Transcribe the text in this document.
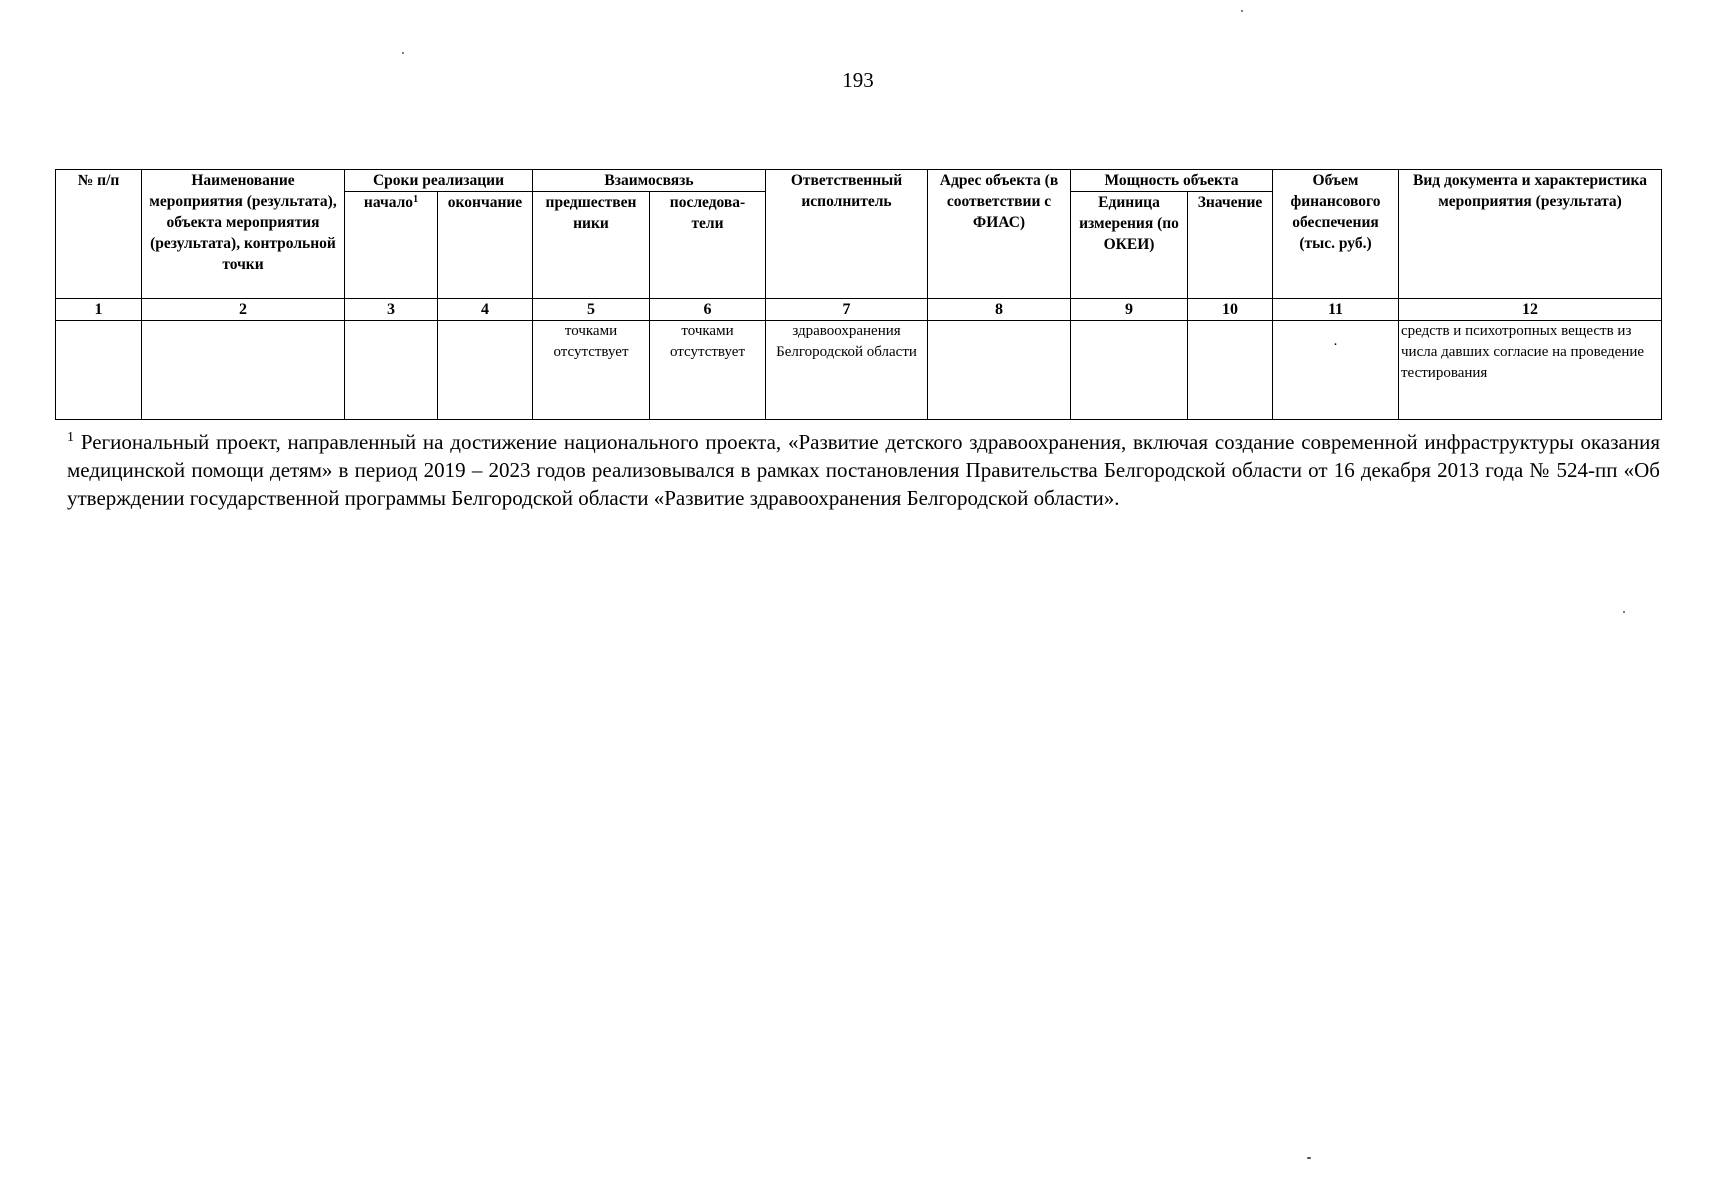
193
№ п/п	Наименование мероприятия (результата), объекта мероприятия (результата), контрольной точки	Сроки реализации		Взаимосвязь		Ответственный исполнитель	Адрес объекта (в соответствии с ФИАС)	Мощность объекта		Объем финансового обеспечения (тыс. руб.)	Вид документа и характеристика мероприятия (результата)
		начало$^1$	окончание	предшествен ники	последова- тели			Единица измерения (по ОКЕИ)	Значение		
1	2	3	4	5	6	7	8	9	10	11	12
				точками отсутствует	точками отсутствует	здравоохранения Белгородской области				·	средств и психотропных веществ из числа давших согласие на проведение тестирования
$^1$ Региональный проект, направленный на достижение национального проекта, «Развитие детского здравоохранения, включая создание современной инфраструктуры оказания медицинской помощи детям» в период 2019 – 2023 годов реализовывался в рамках постановления Правительства Белгородской области от 16 декабря 2013 года № 524-пп «Об утверждении государственной программы Белгородской области «Развитие здравоохранения Белгородской области».
